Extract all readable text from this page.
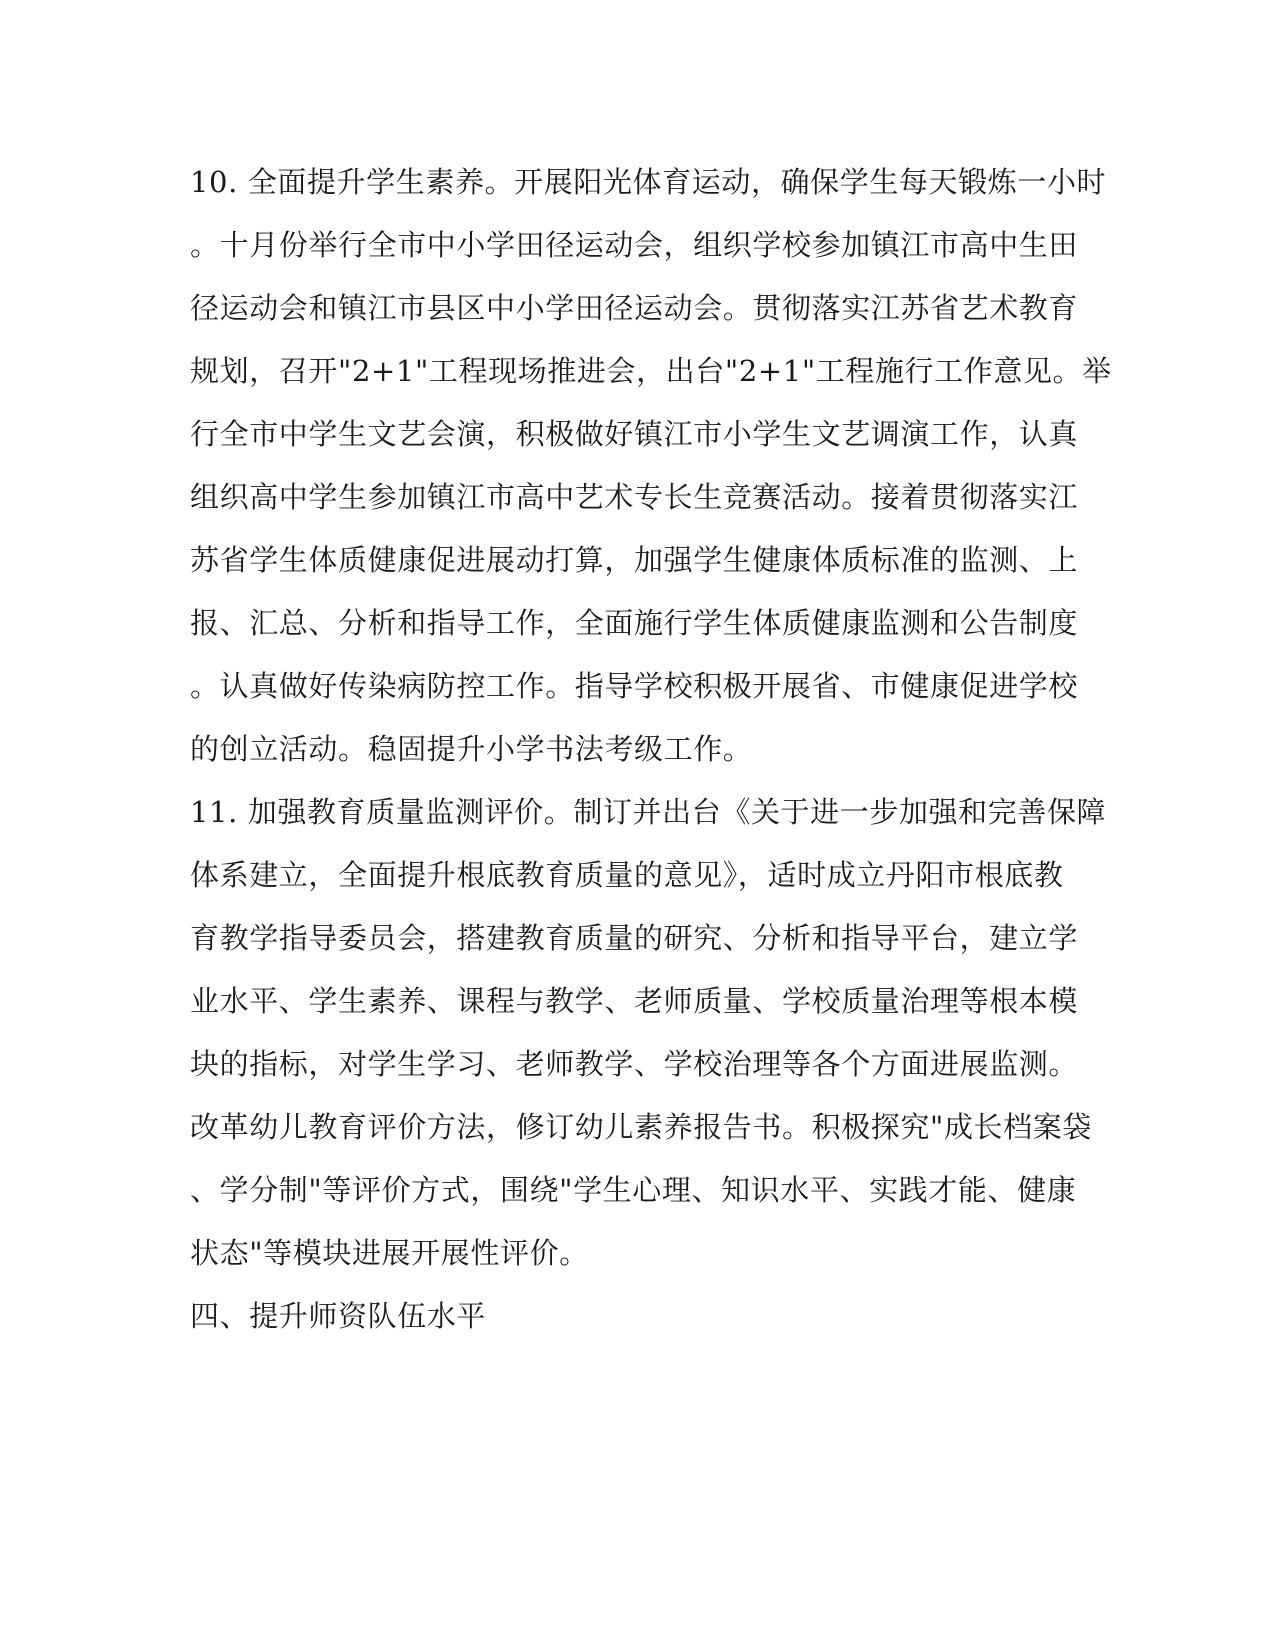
10. 全面提升学生素养。开展阳光体育运动，确保学生每天锻炼一小时
。十月份举行全市中小学田径运动会，组织学校参加镇江市高中生田
径运动会和镇江市县区中小学田径运动会。贯彻落实江苏省艺术教育
规划，召开"2+1"工程现场推进会，出台"2+1"工程施行工作意见。举
行全市中学生文艺会演，积极做好镇江市小学生文艺调演工作，认真
组织高中学生参加镇江市高中艺术专长生竞赛活动。接着贯彻落实江
苏省学生体质健康促进展动打算，加强学生健康体质标准的监测、上
报、汇总、分析和指导工作，全面施行学生体质健康监测和公告制度
。认真做好传染病防控工作。指导学校积极开展省、市健康促进学校
的创立活动。稳固提升小学书法考级工作。
11. 加强教育质量监测评价。制订并出台《关于进一步加强和完善保障
体系建立，全面提升根底教育质量的意见》，适时成立丹阳市根底教
育教学指导委员会，搭建教育质量的研究、分析和指导平台，建立学
业水平、学生素养、课程与教学、老师质量、学校质量治理等根本模
块的指标，对学生学习、老师教学、学校治理等各个方面进展监测。
改革幼儿教育评价方法，修订幼儿素养报告书。积极探究"成长档案袋
、学分制"等评价方式，围绕"学生心理、知识水平、实践才能、健康
状态"等模块进展开展性评价。
四、提升师资队伍水平
